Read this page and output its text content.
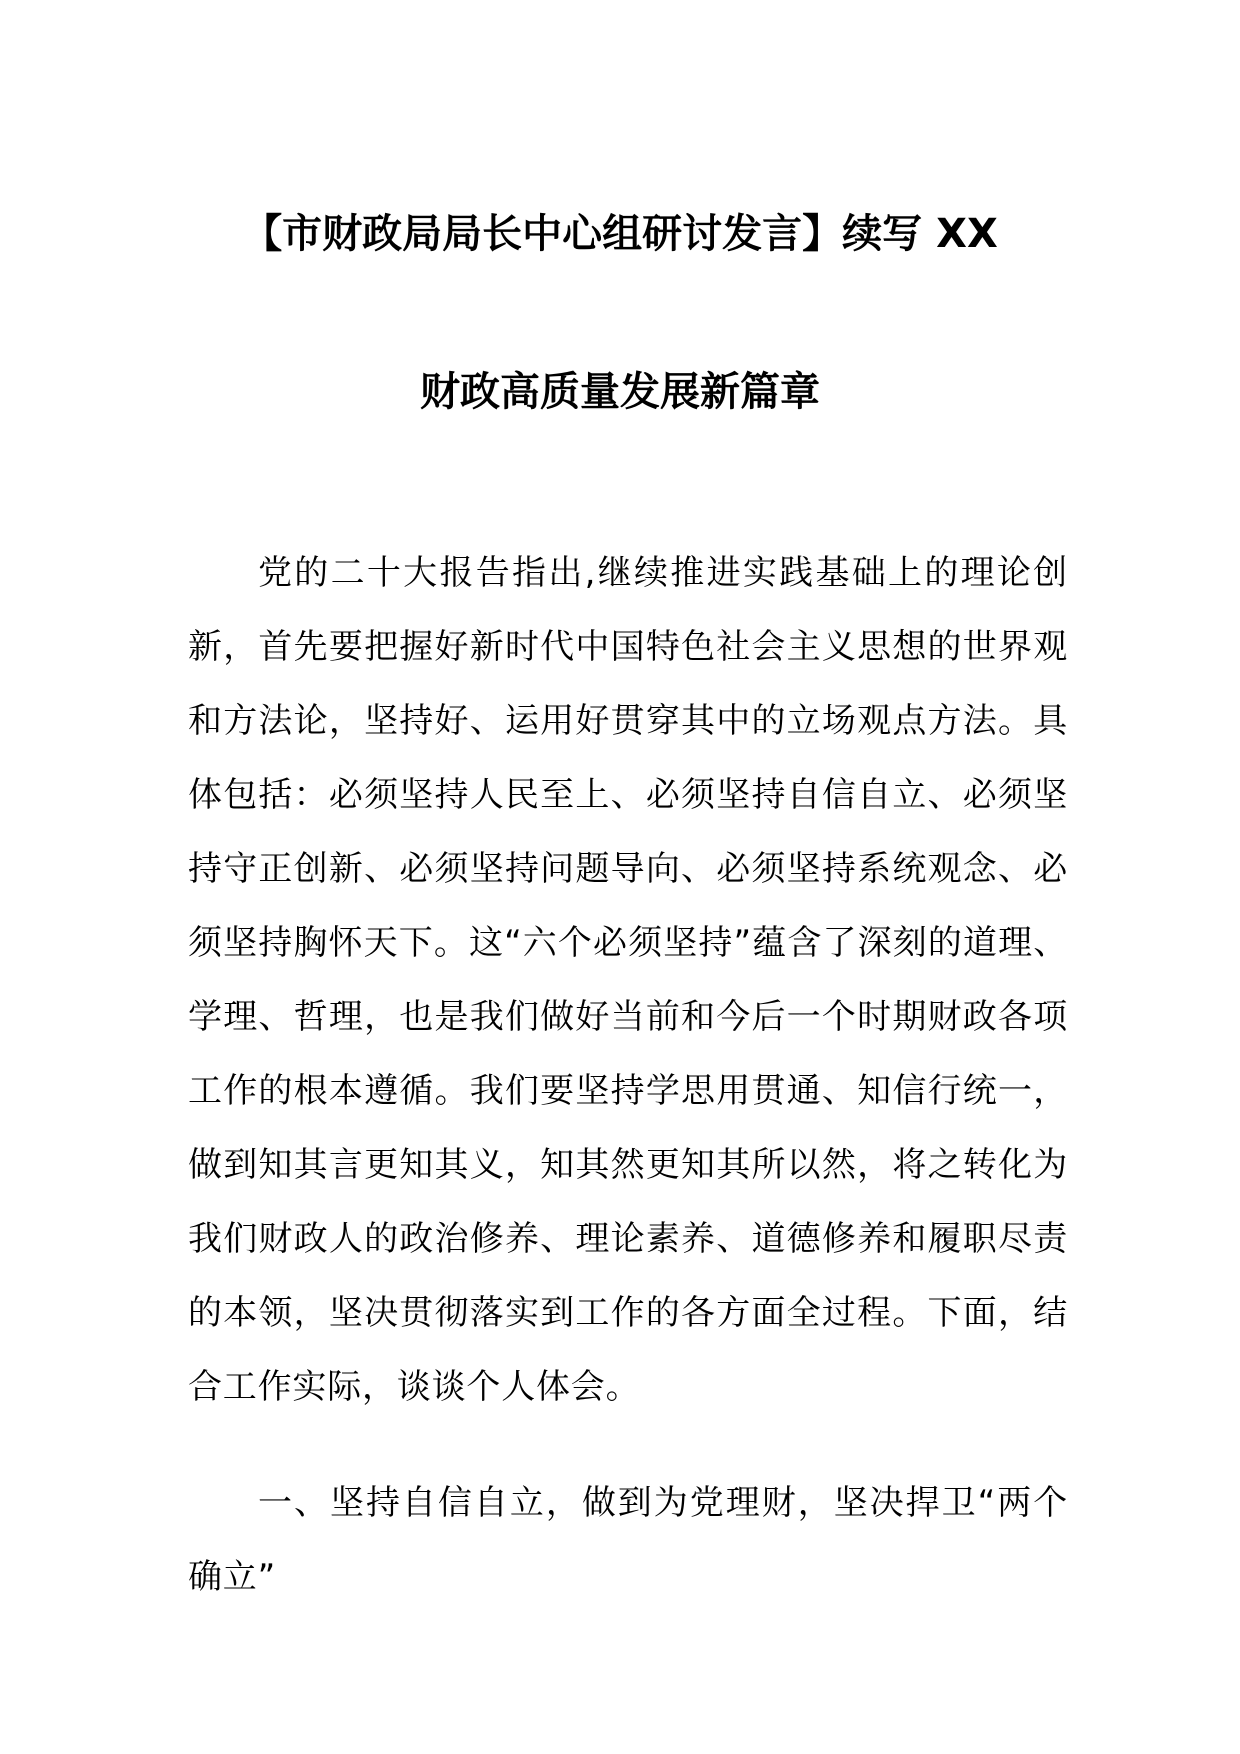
【市财政局局长中心组研讨发言】续写 XX
财政高质量发展新篇章
党的二十大报告指出,继续推进实践基础上的理论创新，首先要把握好新时代中国特色社会主义思想的世界观和方法论，坚持好、运用好贯穿其中的立场观点方法。具体包括：必须坚持人民至上、必须坚持自信自立、必须坚持守正创新、必须坚持问题导向、必须坚持系统观念、必须坚持胸怀天下。这“六个必须坚持”蕴含了深刻的道理、学理、哲理，也是我们做好当前和今后一个时期财政各项工作的根本遵循。我们要坚持学思用贯通、知信行统一，做到知其言更知其义，知其然更知其所以然，将之转化为我们财政人的政治修养、理论素养、道德修养和履职尽责的本领，坚决贯彻落实到工作的各方面全过程。下面，结合工作实际，谈谈个人体会。
一、坚持自信自立，做到为党理财，坚决捍卫“两个确立”
